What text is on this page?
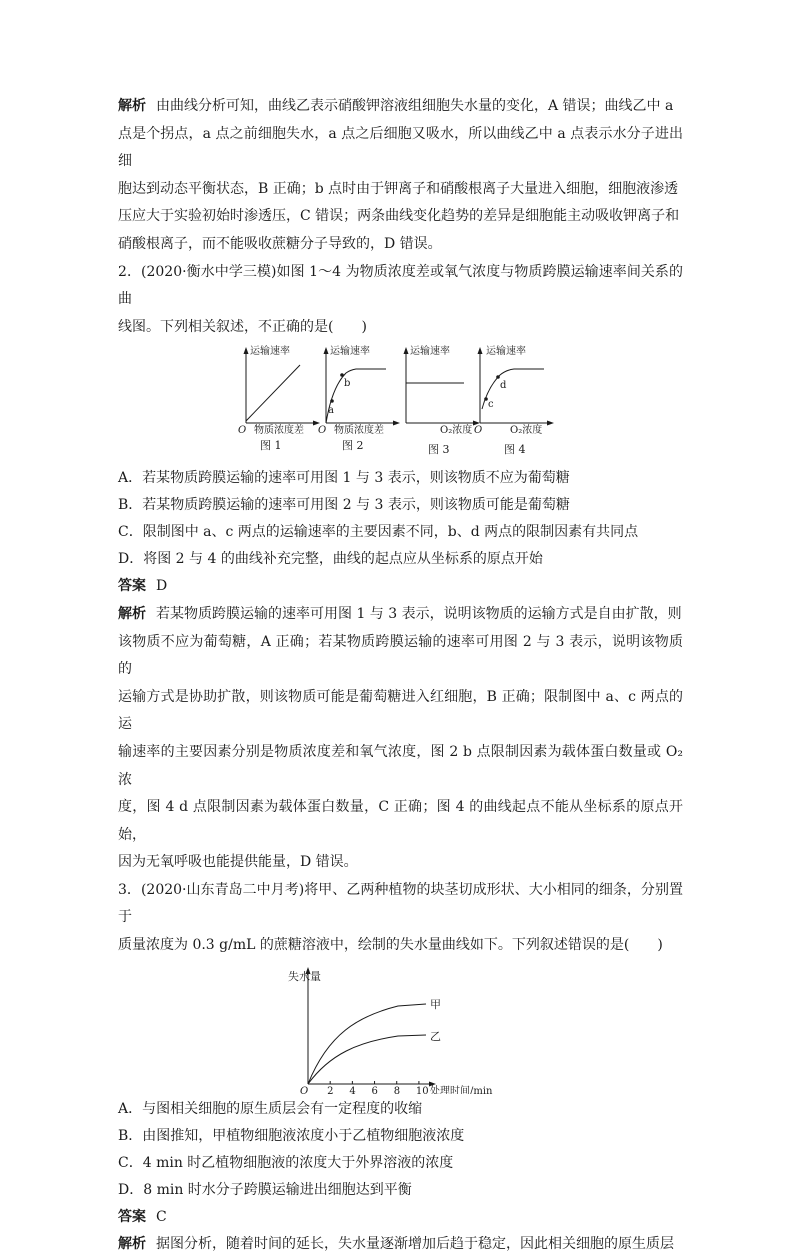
解析 由曲线分析可知，曲线乙表示硝酸钾溶液组细胞失水量的变化，A 错误；曲线乙中 a

点是个拐点，a 点之前细胞失水，a 点之后细胞又吸水，所以曲线乙中 a 点表示水分子进出细

胞达到动态平衡状态，B 正确；b 点时由于钾离子和硝酸根离子大量进入细胞，细胞液渗透

压应大于实验初始时渗透压，C 错误；两条曲线变化趋势的差异是细胞能主动吸收钾离子和

硝酸根离子，而不能吸收蔗糖分子导致的，D 错误。

2．(2020·衡水中学三模)如图 1～4 为物质浓度差或氧气浓度与物质跨膜运输速率间关系的曲

线图。下列相关叙述，不正确的是(　　)

运输速率
O 物质浓度差
图 1
a
b
运输速率
O 物质浓度差
图 2
运输速率
O₂浓度
图 3
c
d
运输速率
O	O₂浓度
图 4

A．若某物质跨膜运输的速率可用图 1 与 3 表示，则该物质不应为葡萄糖

B．若某物质跨膜运输的速率可用图 2 与 3 表示，则该物质可能是葡萄糖

C．限制图中 a、c 两点的运输速率的主要因素不同，b、d 两点的限制因素有共同点

D．将图 2 与 4 的曲线补充完整，曲线的起点应从坐标系的原点开始

答案 D

解析 若某物质跨膜运输的速率可用图 1 与 3 表示，说明该物质的运输方式是自由扩散，则

该物质不应为葡萄糖，A 正确；若某物质跨膜运输的速率可用图 2 与 3 表示，说明该物质的

运输方式是协助扩散，则该物质可能是葡萄糖进入红细胞，B 正确；限制图中 a、c 两点的运

输速率的主要因素分别是物质浓度差和氧气浓度，图 2 b 点限制因素为载体蛋白数量或 O₂浓

度，图 4 d 点限制因素为载体蛋白数量，C 正确；图 4 的曲线起点不能从坐标系的原点开始，

因为无氧呼吸也能提供能量，D 错误。

3．(2020·山东青岛二中月考)将甲、乙两种植物的块茎切成形状、大小相同的细条，分别置于

质量浓度为 0.3 g/mL 的蔗糖溶液中，绘制的失水量曲线如下。下列叙述错误的是(　　)

失水量
O	处理时间/min
2 4 6 8 10
甲
乙

A．与图相关细胞的原生质层会有一定程度的收缩

B．由图推知，甲植物细胞液浓度小于乙植物细胞液浓度

C．4 min 时乙植物细胞液的浓度大于外界溶液的浓度

D．8 min 时水分子跨膜运输进出细胞达到平衡

答案 C

解析 据图分析，随着时间的延长，失水量逐渐增加后趋于稳定，因此相关细胞的原生质层
